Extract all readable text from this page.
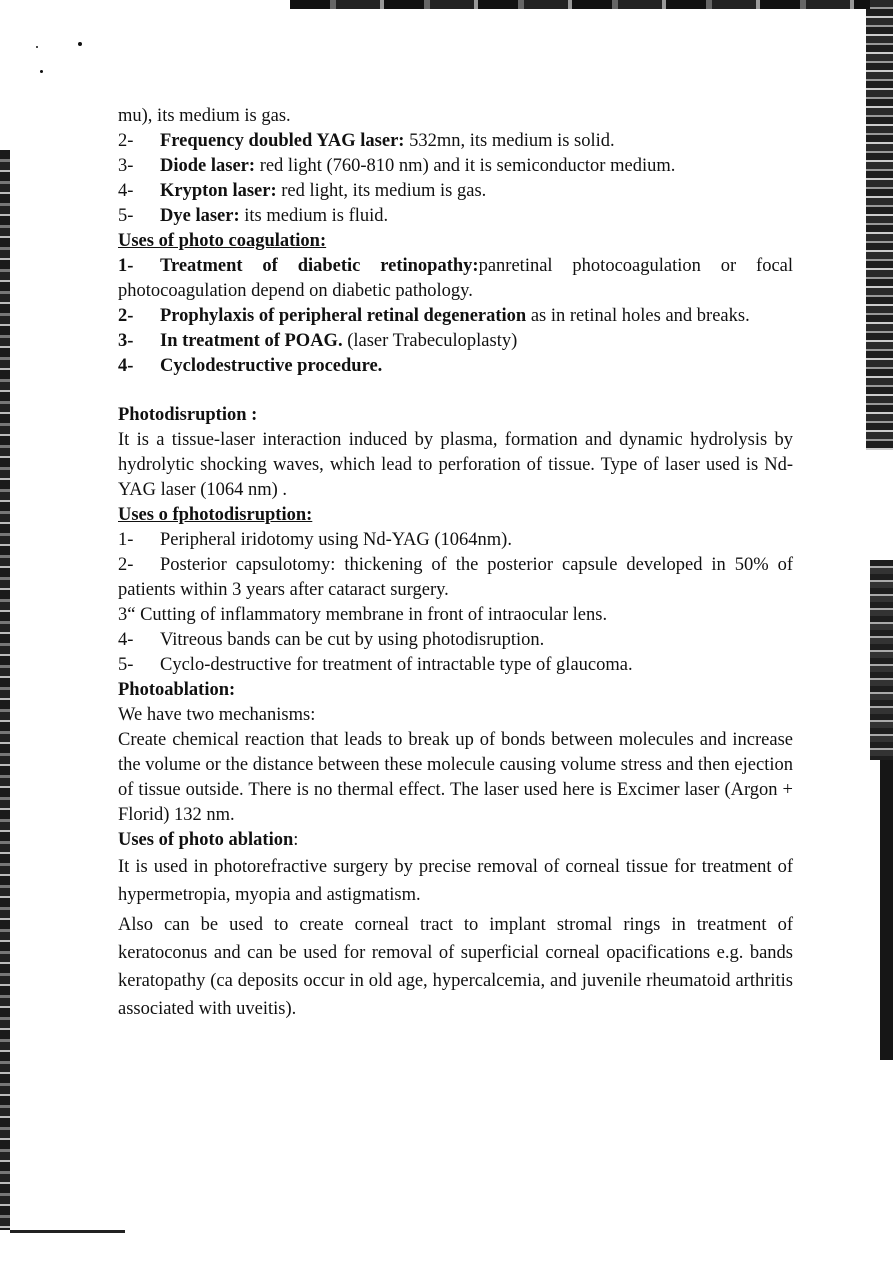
mu), its medium is gas.

2- Frequency doubled YAG laser: 532mn, its medium is solid.

3- Diode laser: red light (760-810 nm) and it is semiconductor medium.

4- Krypton laser: red light, its medium is gas.

5- Dye laser: its medium is fluid.

Uses of photo coagulation:

1- Treatment of diabetic retinopathy:panretinal photocoagulation or focal photocoagulation depend on diabetic pathology.

2- Prophylaxis of peripheral retinal degeneration as in retinal holes and breaks.

3- In treatment of POAG. (laser Trabeculoplasty)

4- Cyclodestructive procedure.

Photodisruption :

It is a tissue-laser interaction induced by plasma, formation and dynamic hydrolysis by hydrolytic shocking waves, which lead to perforation of tissue. Type of laser used is Nd-YAG laser (1064 nm) .

Uses o fphotodisruption:

1- Peripheral iridotomy using Nd-YAG (1064nm).

2- Posterior capsulotomy: thickening of the posterior capsule developed in 50% of patients within 3 years after cataract surgery.

3“ Cutting of inflammatory membrane in front of intraocular lens.

4- Vitreous bands can be cut by using photodisruption.

5- Cyclo-destructive for treatment of intractable type of glaucoma.

Photoablation:

We have two mechanisms:

Create chemical reaction that leads to break up of bonds between molecules and increase the volume or the distance between these molecule causing volume stress and then ejection of tissue outside. There is no thermal effect. The laser used here is Excimer laser (Argon + Florid) 132 nm.

Uses of photo ablation:

It is used in photorefractive surgery by precise removal of corneal tissue for treatment of hypermetropia, myopia and astigmatism.

Also can be used to create corneal tract to implant stromal rings in treatment of keratoconus and can be used for removal of superficial corneal opacifications e.g. bands keratopathy (ca deposits occur in old age, hypercalcemia, and juvenile rheumatoid arthritis associated with uveitis).
